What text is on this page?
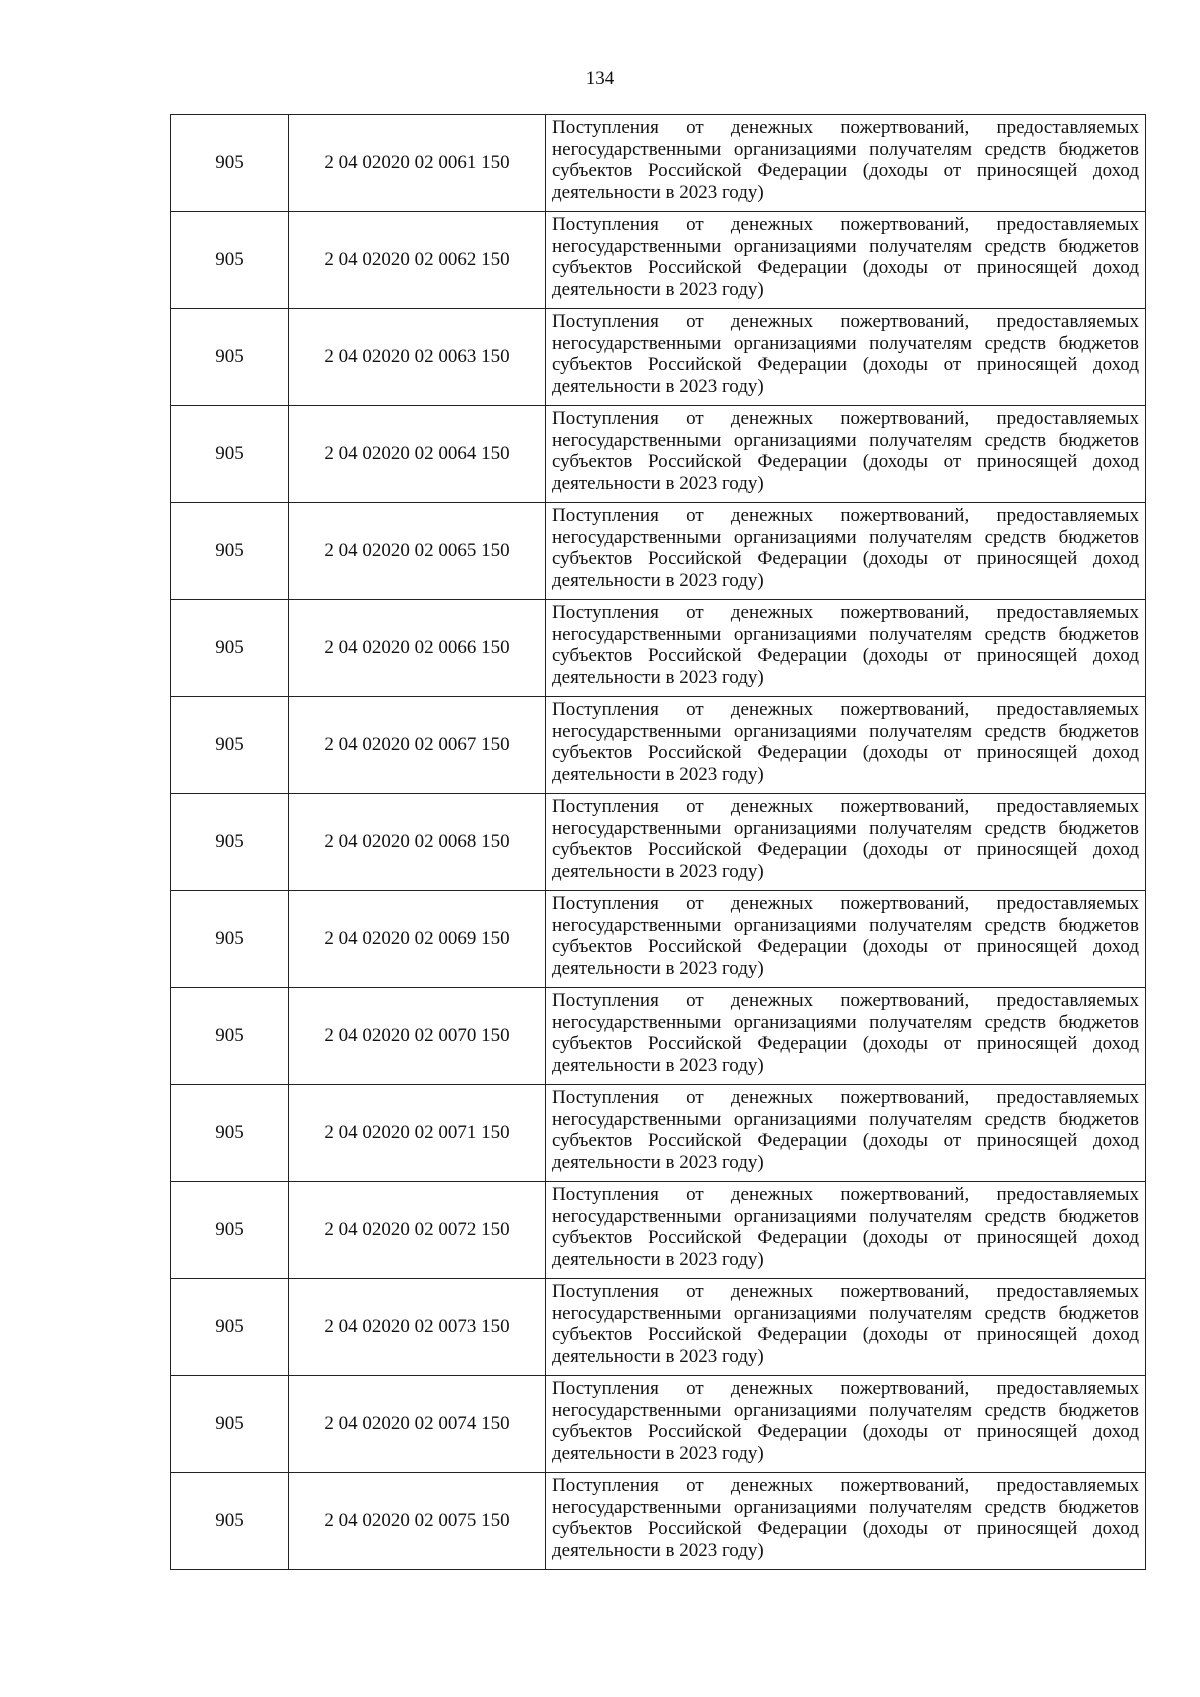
134
905	2 04 02020 02 0061 150	Поступления от денежных пожертвований, предоставляемых негосударственными организациями получателям средств бюджетов субъектов Российской Федерации (доходы от приносящей доход деятельности в 2023 году)
905	2 04 02020 02 0062 150	Поступления от денежных пожертвований, предоставляемых негосударственными организациями получателям средств бюджетов субъектов Российской Федерации (доходы от приносящей доход деятельности в 2023 году)
905	2 04 02020 02 0063 150	Поступления от денежных пожертвований, предоставляемых негосударственными организациями получателям средств бюджетов субъектов Российской Федерации (доходы от приносящей доход деятельности в 2023 году)
905	2 04 02020 02 0064 150	Поступления от денежных пожертвований, предоставляемых негосударственными организациями получателям средств бюджетов субъектов Российской Федерации (доходы от приносящей доход деятельности в 2023 году)
905	2 04 02020 02 0065 150	Поступления от денежных пожертвований, предоставляемых негосударственными организациями получателям средств бюджетов субъектов Российской Федерации (доходы от приносящей доход деятельности в 2023 году)
905	2 04 02020 02 0066 150	Поступления от денежных пожертвований, предоставляемых негосударственными организациями получателям средств бюджетов субъектов Российской Федерации (доходы от приносящей доход деятельности в 2023 году)
905	2 04 02020 02 0067 150	Поступления от денежных пожертвований, предоставляемых негосударственными организациями получателям средств бюджетов субъектов Российской Федерации (доходы от приносящей доход деятельности в 2023 году)
905	2 04 02020 02 0068 150	Поступления от денежных пожертвований, предоставляемых негосударственными организациями получателям средств бюджетов субъектов Российской Федерации (доходы от приносящей доход деятельности в 2023 году)
905	2 04 02020 02 0069 150	Поступления от денежных пожертвований, предоставляемых негосударственными организациями получателям средств бюджетов субъектов Российской Федерации (доходы от приносящей доход деятельности в 2023 году)
905	2 04 02020 02 0070 150	Поступления от денежных пожертвований, предоставляемых негосударственными организациями получателям средств бюджетов субъектов Российской Федерации (доходы от приносящей доход деятельности в 2023 году)
905	2 04 02020 02 0071 150	Поступления от денежных пожертвований, предоставляемых негосударственными организациями получателям средств бюджетов субъектов Российской Федерации (доходы от приносящей доход деятельности в 2023 году)
905	2 04 02020 02 0072 150	Поступления от денежных пожертвований, предоставляемых негосударственными организациями получателям средств бюджетов субъектов Российской Федерации (доходы от приносящей доход деятельности в 2023 году)
905	2 04 02020 02 0073 150	Поступления от денежных пожертвований, предоставляемых негосударственными организациями получателям средств бюджетов субъектов Российской Федерации (доходы от приносящей доход деятельности в 2023 году)
905	2 04 02020 02 0074 150	Поступления от денежных пожертвований, предоставляемых негосударственными организациями получателям средств бюджетов субъектов Российской Федерации (доходы от приносящей доход деятельности в 2023 году)
905	2 04 02020 02 0075 150	Поступления от денежных пожертвований, предоставляемых негосударственными организациями получателям средств бюджетов субъектов Российской Федерации (доходы от приносящей доход деятельности в 2023 году)
